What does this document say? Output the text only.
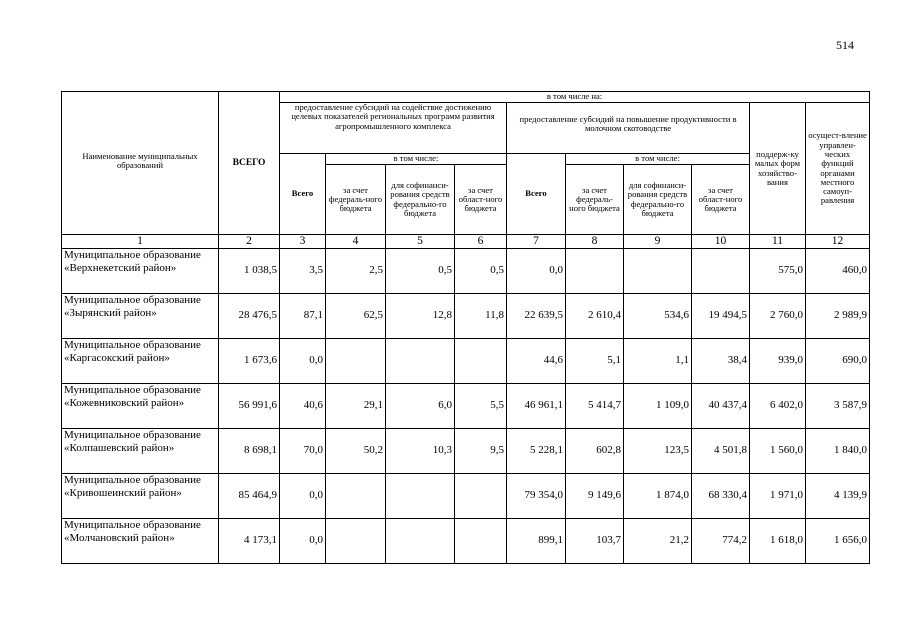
514
Наименование муниципальных образований	ВСЕГО	в том числе на:									
		предоставление субсидий на содействие достижению целевых показателей региональных программ развития агропромышленного комплекса				предоставление субсидий на повышение продуктивности в молочном скотоводстве				поддерж-ку малых форм хозяйство-вания	осущест-вление управлен-ческих функций органами местного самоуп-равления
		Всего	в том числе:			Всего	в том числе:				
			за счет федераль-ного бюджета	для софинанси-рования средств федерально-го бюджета	за счет област-ного бюджета		за счет федераль-ного бюджета	для софинанси-рования средств федерально-го бюджета	за счет област-ного бюджета		
1	2	3	4	5	6	7	8	9	10	11	12
Муниципальное образование «Верхнекетский район»	1 038,5	3,5	2,5	0,5	0,5	0,0				575,0	460,0
Муниципальное образование «Зырянский район»	28 476,5	87,1	62,5	12,8	11,8	22 639,5	2 610,4	534,6	19 494,5	2 760,0	2 989,9
Муниципальное образование «Каргасокский район»	1 673,6	0,0				44,6	5,1	1,1	38,4	939,0	690,0
Муниципальное образование «Кожевниковский район»	56 991,6	40,6	29,1	6,0	5,5	46 961,1	5 414,7	1 109,0	40 437,4	6 402,0	3 587,9
Муниципальное образование «Колпашевский район»	8 698,1	70,0	50,2	10,3	9,5	5 228,1	602,8	123,5	4 501,8	1 560,0	1 840,0
Муниципальное образование «Кривошеинский район»	85 464,9	0,0				79 354,0	9 149,6	1 874,0	68 330,4	1 971,0	4 139,9
Муниципальное образование «Молчановский район»	4 173,1	0,0				899,1	103,7	21,2	774,2	1 618,0	1 656,0
